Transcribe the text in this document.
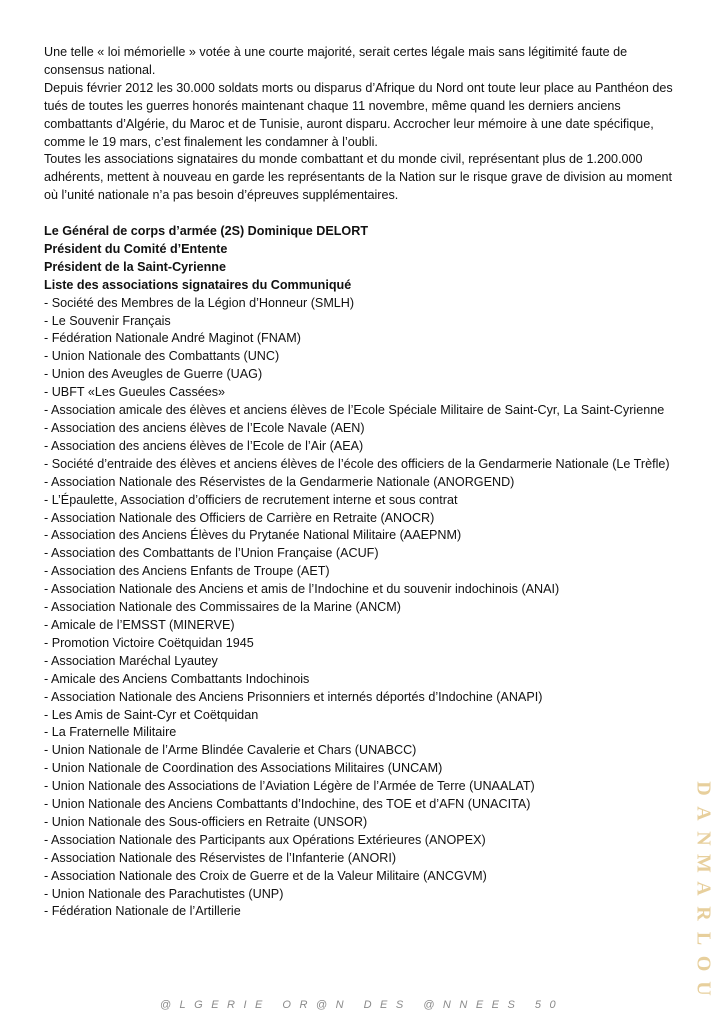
Une telle « loi mémorielle » votée à une courte majorité, serait certes légale mais sans légitimité faute de consensus national.

Depuis février 2012 les 30.000 soldats morts ou disparus d’Afrique du Nord ont toute leur place au Panthéon des tués de toutes les guerres honorés maintenant chaque 11 novembre, même quand les derniers anciens combattants d’Algérie, du Maroc et de Tunisie, auront disparu. Accrocher leur mémoire à une date spécifique, comme le 19 mars, c’est finalement les condamner à l’oubli.

Toutes les associations signataires du monde combattant et du monde civil, représentant plus de 1.200.000 adhérents, mettent à nouveau en garde les représentants de la Nation sur le risque grave de division au moment où l’unité nationale n’a pas besoin d’épreuves supplémentaires.

Le Général de corps d’armée (2S) Dominique DELORT

Président du Comité d’Entente

Président de la Saint-Cyrienne

Liste des associations signataires du Communiqué

- Société des Membres de la Légion d’Honneur (SMLH)
- Le Souvenir Français
- Fédération Nationale André Maginot (FNAM)
- Union Nationale des Combattants (UNC)
- Union des Aveugles de Guerre (UAG)
- UBFT «Les Gueules Cassées»
- Association amicale des élèves et anciens élèves de l’Ecole Spéciale Militaire de Saint-Cyr, La Saint-Cyrienne
- Association des anciens élèves de l’Ecole Navale (AEN)
- Association des anciens élèves de l’Ecole de l’Air (AEA)
- Société d’entraide des élèves et anciens élèves de l’école des officiers de la Gendarmerie Nationale (Le Trèfle)
- Association Nationale des Réservistes de la Gendarmerie Nationale (ANORGEND)
- L’Épaulette, Association d’officiers de recrutement interne et sous contrat
- Association Nationale des Officiers de Carrière en Retraite (ANOCR)
- Association des Anciens Élèves du Prytanée National Militaire (AAEPNM)
- Association des Combattants de l’Union Française (ACUF)
- Association des Anciens Enfants de Troupe (AET)
- Association Nationale des Anciens et amis de l’Indochine et du souvenir indochinois (ANAI)
- Association Nationale des Commissaires de la Marine (ANCM)
- Amicale de l’EMSST (MINERVE)
- Promotion Victoire Coëtquidan 1945
- Association Maréchal Lyautey
- Amicale des Anciens Combattants Indochinois
- Association Nationale des Anciens Prisonniers et internés déportés d’Indochine (ANAPI)
- Les Amis de Saint-Cyr et Coëtquidan
- La Fraternelle Militaire
- Union Nationale de l’Arme Blindée Cavalerie et Chars (UNABCC)
- Union Nationale de Coordination des Associations Militaires (UNCAM)
- Union Nationale des Associations de l’Aviation Légère de l’Armée de Terre (UNAALAT)
- Union Nationale des Anciens Combattants d’Indochine, des TOE et d’AFN (UNACITA)
- Union Nationale des Sous-officiers en Retraite (UNSOR)
- Association Nationale des Participants aux Opérations Extérieures (ANOPEX)
- Association Nationale des Réservistes de l’Infanterie (ANORI)
- Association Nationale des Croix de Guerre et de la Valeur Militaire (ANCGVM)
- Union Nationale des Parachutistes (UNP)
- Fédération Nationale de l’Artillerie
D
A
N
M
A
R
L
O
U
@LGERIE OR@N DES @NNEES 50
